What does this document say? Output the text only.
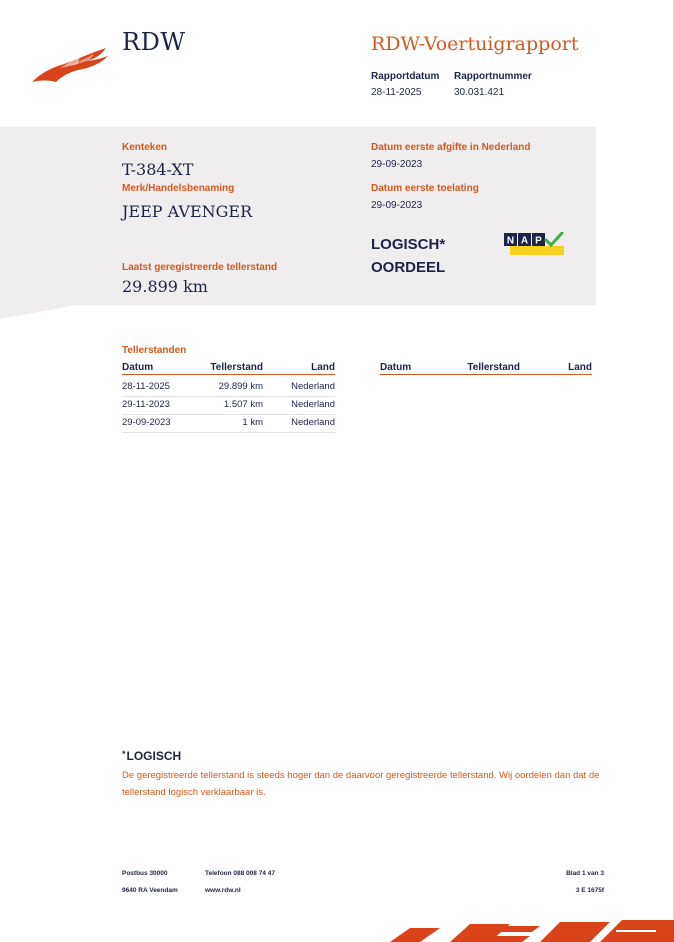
RDW	RDW-Voertuigrapport
Rapportdatum
28-11-2025
Rapportnummer
30.031.421
Kenteken
T-384-XT
Merk/Handelsbenaming
JEEP AVENGER
Laatst geregistreerde tellerstand
29.899 km
Datum eerste afgifte in Nederland
29-09-2023
Datum eerste toelating
29-09-2023
LOGISCH*
OORDEEL
N A P
Tellerstanden
Datum	Tellerstand	Land
28-11-2025	29.899 km	Nederland
29-11-2023	1.507 km	Nederland
29-09-2023	1 km	Nederland
Datum	Tellerstand	Land
*LOGISCH
De geregistreerde tellerstand is steeds hoger dan de daarvoor geregistreerde tellerstand. Wij oordelen dan dat de tellerstand logisch verklaarbaar is.
Postbus 30000
9640 RA Veendam
Telefoon 088 008 74 47
www.rdw.nl
Blad 1 van 3
3 E 1675f
